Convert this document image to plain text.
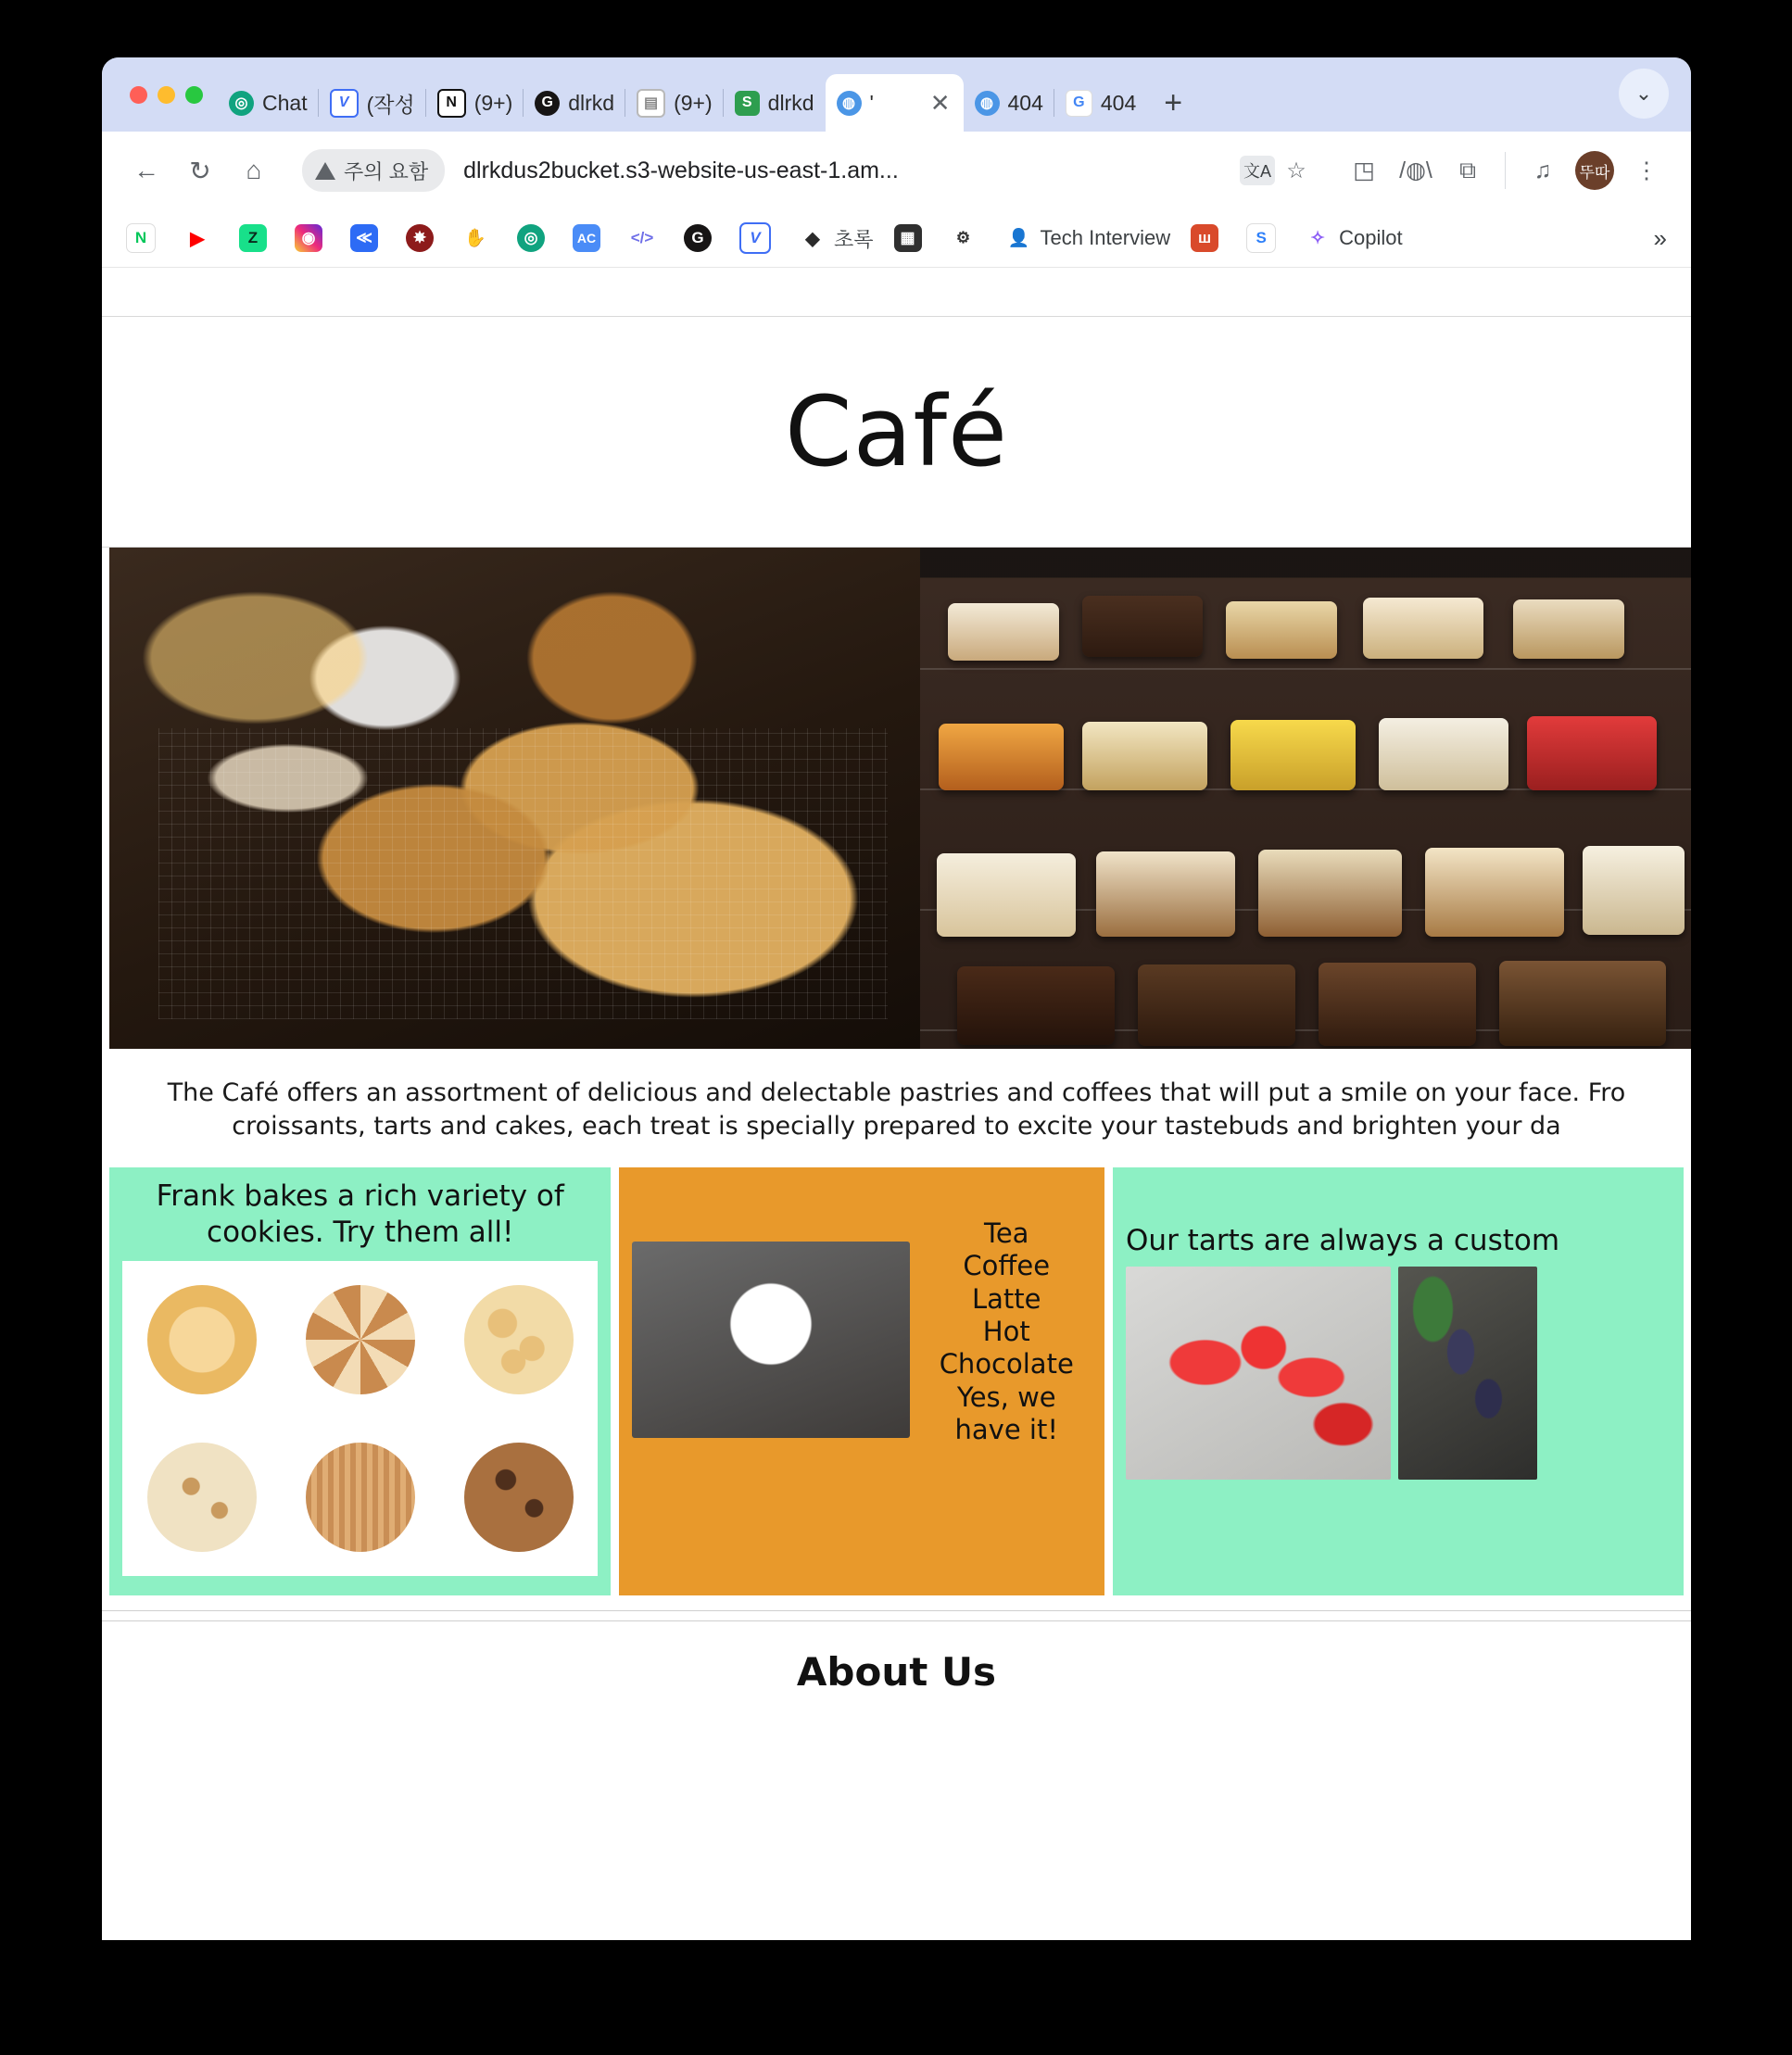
◎ Chat	V (작성	N (9+)	G dlrkd	▤ (9+)	S dlrkd	◍ ' ✕	◍ 404	G 404 +	⌄
←	↻	⌂	주의 요함	dlrkdus2bucket.s3-website-us-east-1.am...	文A ☆	◳	/◍\	⧉	♫	뚜따	⋮
N	▶	Z	◉	≪	✸	✋	◎	AC </>	G	V	◆ 초록	▦	⚙	👤 Tech Interview	ш	S	✧ Copilot	»
Café
The Café offers an assortment of delicious and delectable pastries and coffees that will put a smile on your face. Fro
croissants, tarts and cakes, each treat is specially prepared to excite your tastebuds and brighten your da
Frank bakes a rich variety of cookies. Try them all!	Tea
Coffee
Latte
Hot
Chocolate
Yes, we
have it!
Our tarts are always a custom
About Us
